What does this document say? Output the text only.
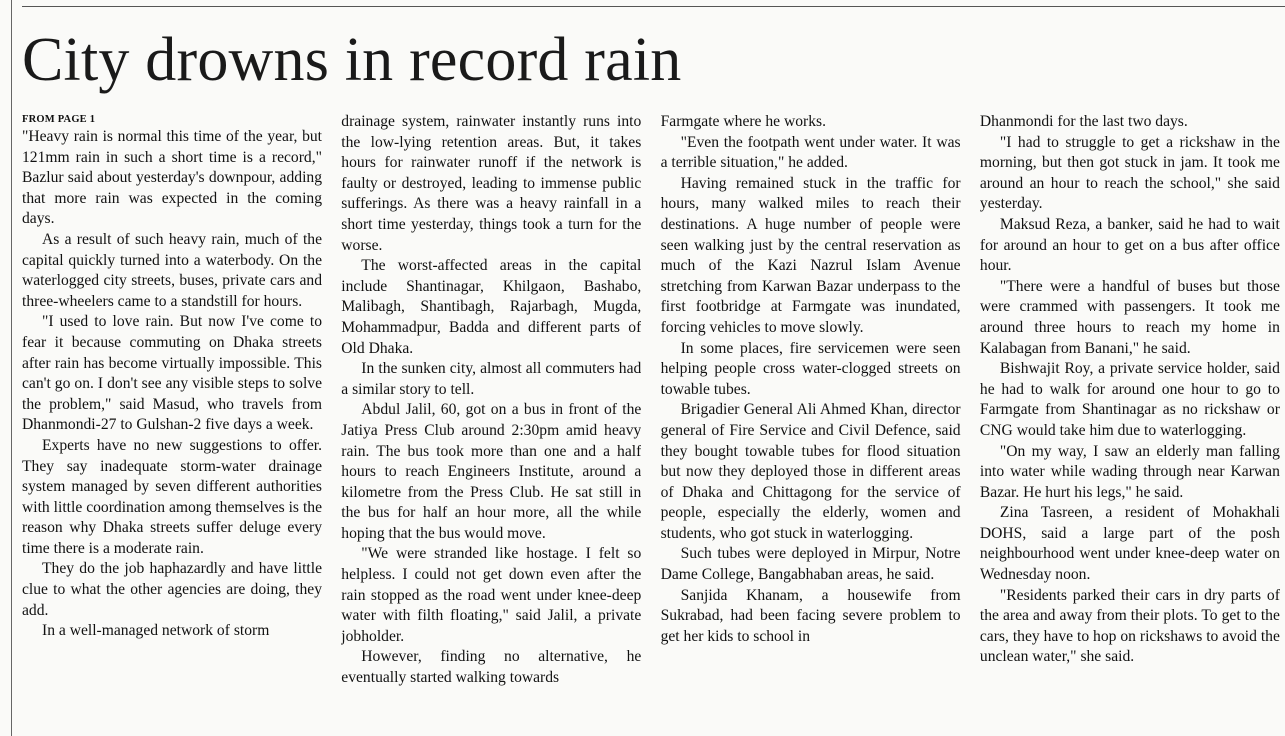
City drowns in record rain
FROM PAGE 1

"Heavy rain is normal this time of the year, but 121mm rain in such a short time is a record," Bazlur said about yesterday's downpour, adding that more rain was expected in the coming days.

As a result of such heavy rain, much of the capital quickly turned into a waterbody. On the waterlogged city streets, buses, private cars and three-wheelers came to a standstill for hours.

"I used to love rain. But now I've come to fear it because commuting on Dhaka streets after rain has become virtually impossible. This can't go on. I don't see any visible steps to solve the problem," said Masud, who travels from Dhanmondi-27 to Gulshan-2 five days a week.

Experts have no new suggestions to offer. They say inadequate storm-water drainage system managed by seven different authorities with little coordination among themselves is the reason why Dhaka streets suffer deluge every time there is a moderate rain.

They do the job haphazardly and have little clue to what the other agencies are doing, they add.

In a well-managed network of storm

drainage system, rainwater instantly runs into the low-lying retention areas. But, it takes hours for rainwater runoff if the network is faulty or destroyed, leading to immense public sufferings. As there was a heavy rainfall in a short time yesterday, things took a turn for the worse.

The worst-affected areas in the capital include Shantinagar, Khilgaon, Bashabo, Malibagh, Shantibagh, Rajarbagh, Mugda, Mohammadpur, Badda and different parts of Old Dhaka.

In the sunken city, almost all commuters had a similar story to tell.

Abdul Jalil, 60, got on a bus in front of the Jatiya Press Club around 2:30pm amid heavy rain. The bus took more than one and a half hours to reach Engineers Institute, around a kilometre from the Press Club. He sat still in the bus for half an hour more, all the while hoping that the bus would move.

"We were stranded like hostage. I felt so helpless. I could not get down even after the rain stopped as the road went under knee-deep water with filth floating," said Jalil, a private jobholder.

However, finding no alternative, he eventually started walking towards

Farmgate where he works.

"Even the footpath went under water. It was a terrible situation," he added.

Having remained stuck in the traffic for hours, many walked miles to reach their destinations. A huge number of people were seen walking just by the central reservation as much of the Kazi Nazrul Islam Avenue stretching from Karwan Bazar underpass to the first footbridge at Farmgate was inundated, forcing vehicles to move slowly.

In some places, fire servicemen were seen helping people cross water-clogged streets on towable tubes.

Brigadier General Ali Ahmed Khan, director general of Fire Service and Civil Defence, said they bought towable tubes for flood situation but now they deployed those in different areas of Dhaka and Chittagong for the service of people, especially the elderly, women and students, who got stuck in waterlogging.

Such tubes were deployed in Mirpur, Notre Dame College, Bangabhaban areas, he said.

Sanjida Khanam, a housewife from Sukrabad, had been facing severe problem to get her kids to school in

Dhanmondi for the last two days.

"I had to struggle to get a rickshaw in the morning, but then got stuck in jam. It took me around an hour to reach the school," she said yesterday.

Maksud Reza, a banker, said he had to wait for around an hour to get on a bus after office hour.

"There were a handful of buses but those were crammed with passengers. It took me around three hours to reach my home in Kalabagan from Banani," he said.

Bishwajit Roy, a private service holder, said he had to walk for around one hour to go to Farmgate from Shantinagar as no rickshaw or CNG would take him due to waterlogging.

"On my way, I saw an elderly man falling into water while wading through near Karwan Bazar. He hurt his legs," he said.

Zina Tasreen, a resident of Mohakhali DOHS, said a large part of the posh neighbourhood went under knee-deep water on Wednesday noon.

"Residents parked their cars in dry parts of the area and away from their plots. To get to the cars, they have to hop on rickshaws to avoid the unclean water," she said.
